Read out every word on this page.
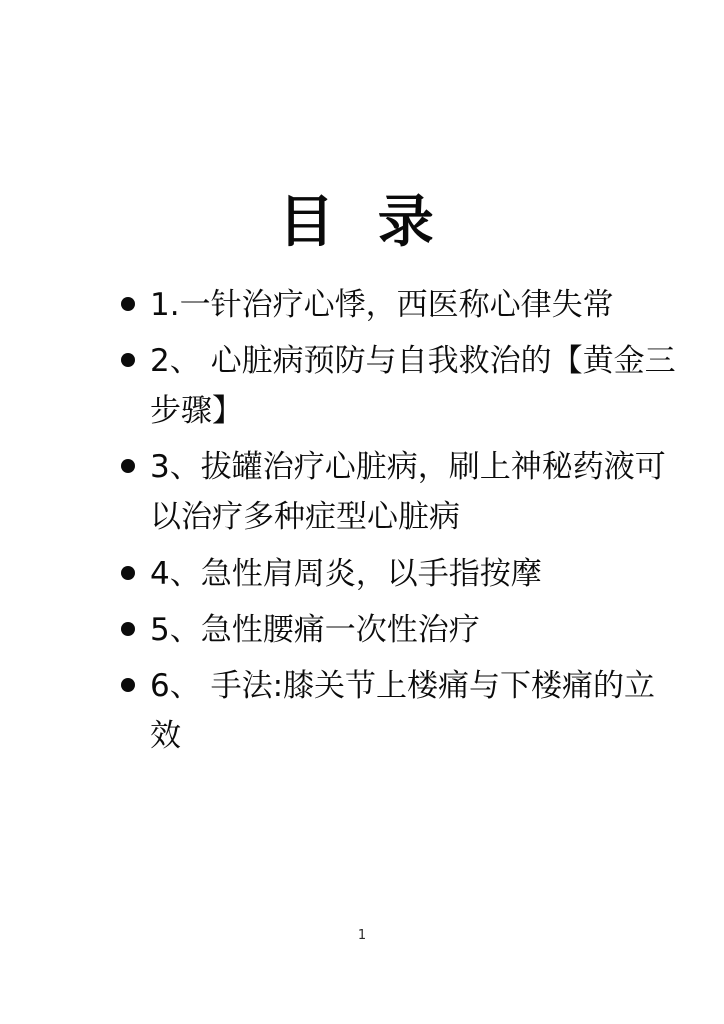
目 录
1.一针治疗心悸，西医称心律失常
2、 心脏病预防与自我救治的【黄金三步骤】
3、拔罐治疗心脏病，刷上神秘药液可以治疗多种症型心脏病
4、急性肩周炎，以手指按摩
5、急性腰痛一次性治疗
6、 手法:膝关节上楼痛与下楼痛的立效
1
